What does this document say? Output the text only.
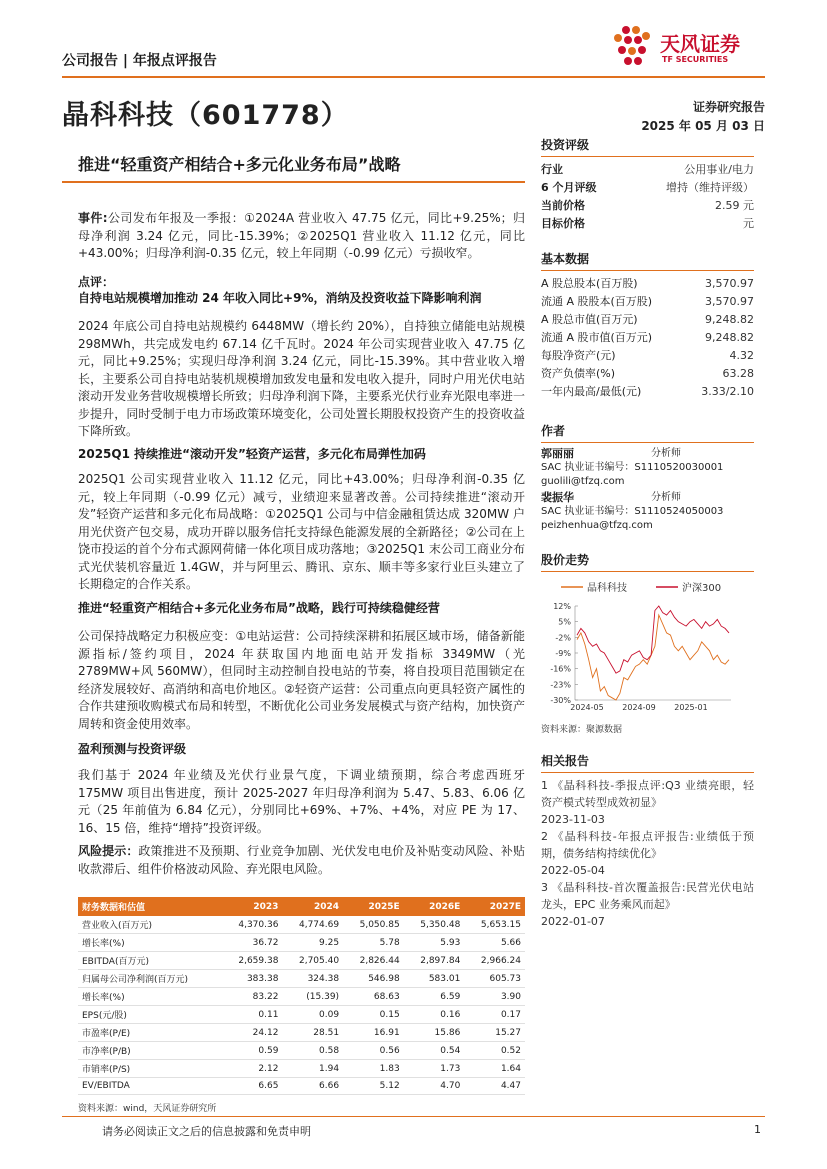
公司报告 | 年报点评报告
天风证券
TF SECURITIES
晶科科技（601778）	证券研究报告
2025 年 05 月 03 日
推进“轻重资产相结合+多元化业务布局”战略

事件:公司发布年报及一季报：①2024A 营业收入 47.75 亿元，同比+9.25%；归母净利润 3.24 亿元，同比-15.39%；②2025Q1 营业收入 11.12 亿元，同比+43.00%；归母净利润-0.35 亿元，较上年同期（-0.99 亿元）亏损收窄。

点评：
自持电站规模增加推动 24 年收入同比+9%，消纳及投资收益下降影响利润
2024 年底公司自持电站规模约 6448MW（增长约 20%），自持独立储能电站规模 298MWh，共完成发电约 67.14 亿千瓦时。2024 年公司实现营业收入 47.75 亿元，同比+9.25%；实现归母净利润 3.24 亿元，同比-15.39%。其中营业收入增长，主要系公司自持电站装机规模增加致发电量和发电收入提升，同时户用光伏电站滚动开发业务营收规模增长所致；归母净利润下降，主要系光伏行业弃光限电率进一步提升，同时受制于电力市场政策环境变化，公司处置长期股权投资产生的投资收益下降所致。
2025Q1 持续推进“滚动开发”轻资产运营，多元化布局弹性加码
2025Q1 公司实现营业收入 11.12 亿元，同比+43.00%；归母净利润-0.35 亿元，较上年同期（-0.99 亿元）减亏，业绩迎来显著改善。公司持续推进“滚动开发”轻资产运营和多元化布局战略：①2025Q1 公司与中信金融租赁达成 320MW 户用光伏资产包交易，成功开辟以服务信托支持绿色能源发展的全新路径；②公司在上饶市投运的首个分布式源网荷储一体化项目成功落地；③2025Q1 末公司工商业分布式光伏装机容量近 1.4GW，并与阿里云、腾讯、京东、顺丰等多家行业巨头建立了长期稳定的合作关系。
推进“轻重资产相结合+多元化业务布局”战略，践行可持续稳健经营
公司保持战略定力积极应变：①电站运营：公司持续深耕和拓展区域市场，储备新能源指标/签约项目，2024 年获取国内地面电站开发指标 3349MW（光 2789MW+风 560MW），但同时主动控制自投电站的节奏，将自投项目范围锁定在经济发展较好、高消纳和高电价地区。②轻资产运营：公司重点向更具轻资产属性的合作共建预收购模式布局和转型，不断优化公司业务发展模式与资产结构，加快资产周转和资金使用效率。
盈利预测与投资评级
我们基于 2024 年业绩及光伏行业景气度，下调业绩预期，综合考虑西班牙 175MW 项目出售进度，预计 2025-2027 年归母净利润为 5.47、5.83、6.06 亿元（25 年前值为 6.84 亿元），分别同比+69%、+7%、+4%，对应 PE 为 17、16、15 倍，维持“增持”投资评级。

风险提示：政策推进不及预期、行业竞争加剧、光伏发电电价及补贴变动风险、补贴收款滞后、组件价格波动风险、弃光限电风险。

财务数据和估值	2023	2024	2025E	2026E	2027E
营业收入(百万元)	4,370.36	4,774.69	5,050.85	5,350.48	5,653.15
增长率(%)	36.72	9.25	5.78	5.93	5.66
EBITDA(百万元)	2,659.38	2,705.40	2,826.44	2,897.84	2,966.24
归属母公司净利润(百万元)	383.38	324.38	546.98	583.01	605.73
增长率(%)	83.22	(15.39)	68.63	6.59	3.90
EPS(元/股)	0.11	0.09	0.15	0.16	0.17
市盈率(P/E)	24.12	28.51	16.91	15.86	15.27
市净率(P/B)	0.59	0.58	0.56	0.54	0.52
市销率(P/S)	2.12	1.94	1.83	1.73	1.64
EV/EBITDA	6.65	6.66	5.12	4.70	4.47
资料来源：wind，天风证券研究所
投资评级
行业	公用事业/电力
6 个月评级	增持（维持评级）
当前价格	2.59 元
目标价格	元
基本数据
A 股总股本(百万股)	3,570.97
流通 A 股股本(百万股)	3,570.97
A 股总市值(百万元)	9,248.82
流通 A 股市值(百万元)	9,248.82
每股净资产(元)	4.32
资产负债率(%)	63.28
一年内最高/最低(元)	3.33/2.10
作者
郭丽丽	分析师
SAC 执业证书编号：S1110520030001
guolili@tfzq.com
裴振华	分析师
SAC 执业证书编号：S1110524050003
peizhenhua@tfzq.com
股价走势
晶科科技	沪深300
12%
5%
-2%
-9%
-16%
-23%
-30%
2024-05 2024-09 2025-01
资料来源：聚源数据
相关报告
1 《晶科科技-季报点评:Q3 业绩亮眼，轻资产模式转型成效初显》
2023-11-03
2 《晶科科技-年报点评报告:业绩低于预期，债务结构持续优化》
2022-05-04
3 《晶科科技-首次覆盖报告:民营光伏电站龙头，EPC 业务乘风而起》
2022-01-07
请务必阅读正文之后的信息披露和免责申明	1
